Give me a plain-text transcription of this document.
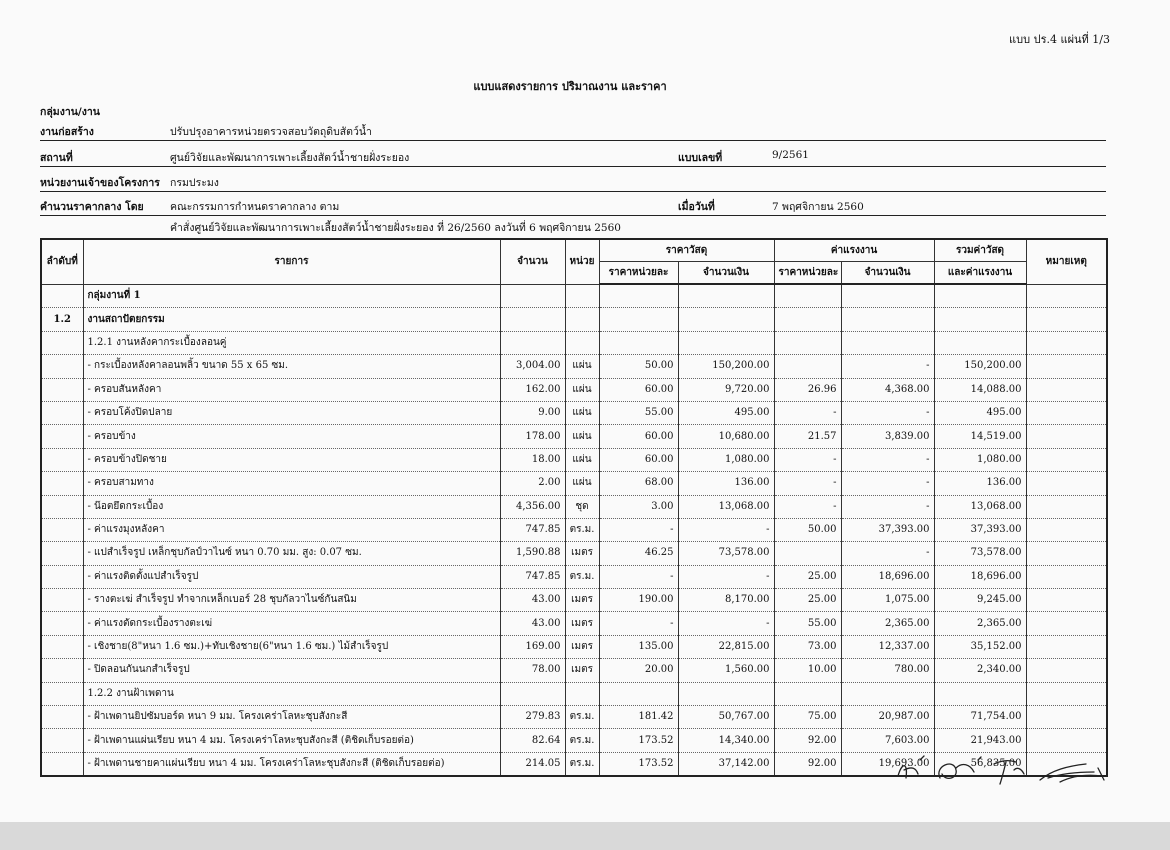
แบบ ปร.4 แผ่นที่ 1/3
แบบแสดงรายการ ปริมาณงาน และราคา
กลุ่มงาน/งาน
งานก่อสร้าง	ปรับปรุงอาคารหน่วยตรวจสอบวัตถุดิบสัตว์น้ำ
สถานที่	ศูนย์วิจัยและพัฒนาการเพาะเลี้ยงสัตว์น้ำชายฝั่งระยอง	แบบเลขที่	9/2561
หน่วยงานเจ้าของโครงการ กรมประมง
คำนวนราคากลาง โดย	คณะกรรมการกำหนดราคากลาง ตาม	เมื่อวันที่	7 พฤศจิกายน 2560
คำสั่งศูนย์วิจัยและพัฒนาการเพาะเลี้ยงสัตว์น้ำชายฝั่งระยอง ที่ 26/2560 ลงวันที่ 6 พฤศจิกายน 2560
ลำดับที่	รายการ	จำนวน	หน่วย	ราคาวัสดุ		ค่าแรงงาน		รวมค่าวัสดุ	หมายเหตุ
				ราคาหน่วยละ	จำนวนเงิน	ราคาหน่วยละ	จำนวนเงิน	และค่าแรงงาน	
	กลุ่มงานที่ 1								
1.2	งานสถาปัตยกรรม								
	1.2.1 งานหลังคากระเบื้องลอนคู่								
	- กระเบื้องหลังคาลอนพลิ้ว ขนาด 55 x 65 ซม.	3,004.00	แผ่น	50.00	150,200.00		-	150,200.00	
	- ครอบสันหลังคา	162.00	แผ่น	60.00	9,720.00	26.96	4,368.00	14,088.00	
	- ครอบโค้งปิดปลาย	9.00	แผ่น	55.00	495.00	-	-	495.00	
	- ครอบข้าง	178.00	แผ่น	60.00	10,680.00	21.57	3,839.00	14,519.00	
	- ครอบข้างปิดชาย	18.00	แผ่น	60.00	1,080.00	-	-	1,080.00	
	- ครอบสามทาง	2.00	แผ่น	68.00	136.00	-	-	136.00	
	- น๊อตยึดกระเบื้อง	4,356.00	ชุด	3.00	13,068.00	-	-	13,068.00	
	- ค่าแรงมุงหลังคา	747.85	ตร.ม.	-	-	50.00	37,393.00	37,393.00	
	- แปสำเร็จรูป เหล็กชุบกัลป์วาไนซ์ หนา 0.70 มม. สูง: 0.07 ซม.	1,590.88	เมตร	46.25	73,578.00		-	73,578.00	
	- ค่าแรงติดตั้งแปสำเร็จรูป	747.85	ตร.ม.	-	-	25.00	18,696.00	18,696.00	
	- รางตะเฆ่ สำเร็จรูป ทำจากเหล็กเบอร์ 28 ชุบกัลวาไนซ์กันสนิม	43.00	เมตร	190.00	8,170.00	25.00	1,075.00	9,245.00	
	- ค่าแรงตัดกระเบื้องรางตะเฆ่	43.00	เมตร	-	-	55.00	2,365.00	2,365.00	
	- เชิงชาย(8"หนา 1.6 ซม.)+ทับเชิงชาย(6"หนา 1.6 ซม.) ไม้สำเร็จรูป	169.00	เมตร	135.00	22,815.00	73.00	12,337.00	35,152.00	
	- ปิดลอนกันนกสำเร็จรูป	78.00	เมตร	20.00	1,560.00	10.00	780.00	2,340.00	
	1.2.2 งานฝ้าเพดาน								
	- ฝ้าเพดานยิปซัมบอร์ด หนา 9 มม. โครงเคร่าโลหะชุบสังกะสี	279.83	ตร.ม.	181.42	50,767.00	75.00	20,987.00	71,754.00	
	- ฝ้าเพดานแผ่นเรียบ หนา 4 มม. โครงเคร่าโลหะชุบสังกะสี (ติชิดเก็บรอยต่อ)	82.64	ตร.ม.	173.52	14,340.00	92.00	7,603.00	21,943.00	
	- ฝ้าเพดานชายคาแผ่นเรียบ หนา 4 มม. โครงเคร่าโลหะชุบสังกะสี (ติชิดเก็บรอยต่อ)	214.05	ตร.ม.	173.52	37,142.00	92.00	19,693.00	56,835.00	
